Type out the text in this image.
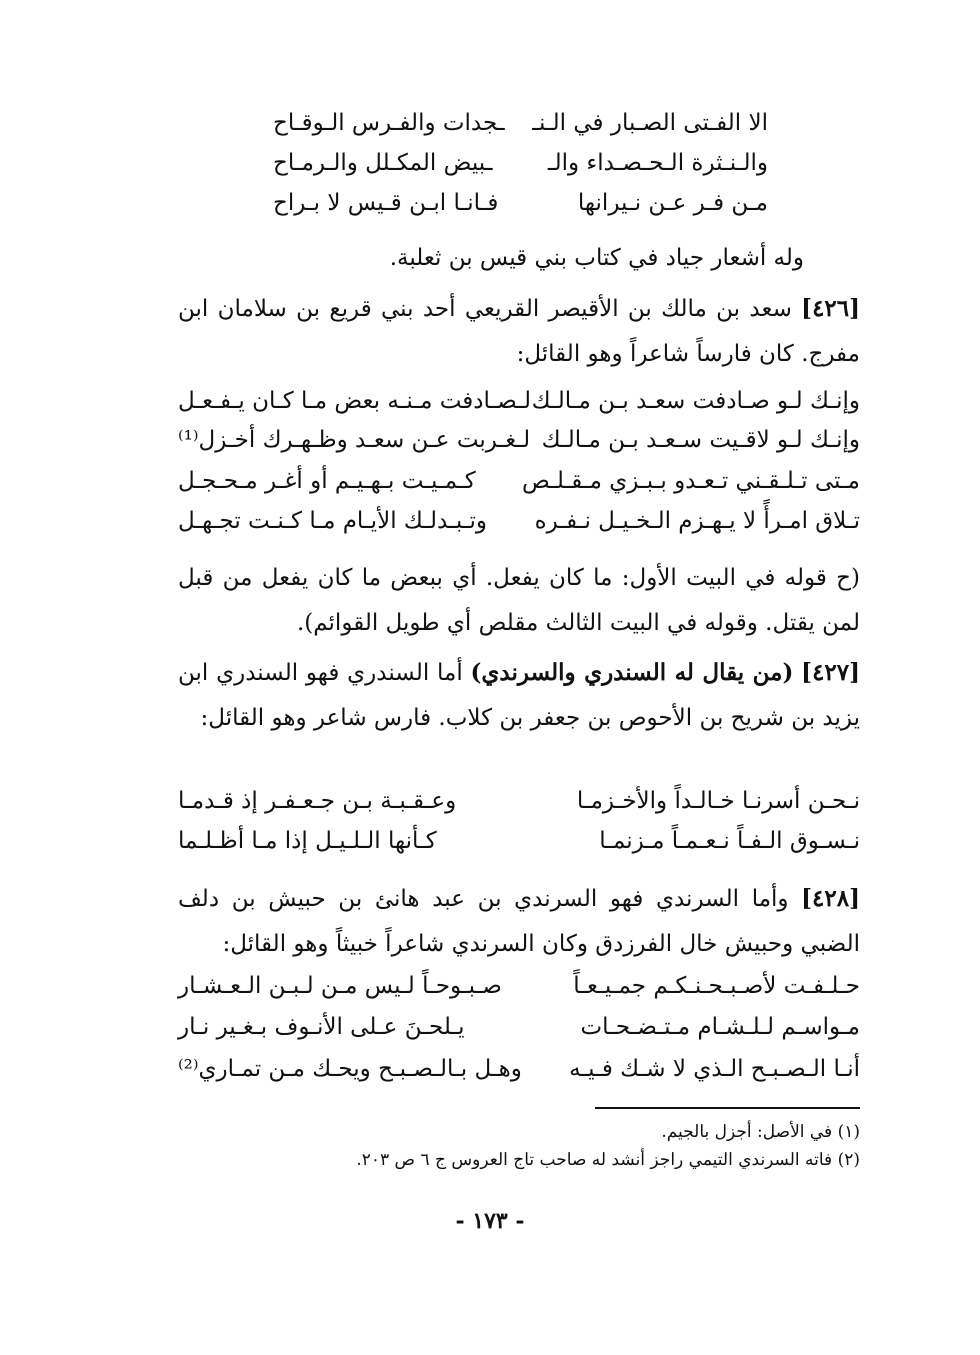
الا الفـتى الصـبار في الـنـ
ـجدات والفـرس الـوقـاح
والـنـثرة الـحـصـداء والـ
ـبيض المكـلل والـرمـاح
مـن فـر عـن نـيرانها
فـانـا ابـن قـيس لا بـراح
وله أشعار جياد في كتاب بني قيس بن ثعلبة.
[٤٢٦] سعد بن مالك بن الأقيصر القريعي أحد بني قريع بن سلامان ابن مفرج. كان فارساً شاعراً وهو القائل:
وإنـك لـو صـادفت سعـد بـن مـالـك
لـصـادفت مـنـه بعض مـا كـان يـفـعـل
وإنـك لـو لاقـيت سـعـد بـن مـالـك
لـغـربت عـن سعـد وظـهـرك أخـزل⁽¹⁾
مـتى تـلـقـني تـعـدو بـبـزي مـقـلـص
كـمـيـت بـهـيـم أو أغـر مـحـجـل
تـلاق امـرأً لا يـهـزم الـخـيـل نـفـره
وتـبـدلـك الأيـام مـا كـنـت تجـهـل
(ح قوله في البيت الأول: ما كان يفعل. أي ببعض ما كان يفعل من قبل لمن يقتل. وقوله في البيت الثالث مقلص أي طويل القوائم).
[٤٢٧] (من يقال له السندري والسرندي) أما السندري فهو السندري ابن يزيد بن شريح بن الأحوص بن جعفر بن كلاب. فارس شاعر وهو القائل:
نـحـن أسرنـا خـالـداً والأخـزمـا
وعـقـبـة بـن جـعـفـر إذ قـدمـا
نـسـوق الـفـاً نـعـمـاً مـزنمـا
كـأنها الـلـيـل إذا مـا أظـلـما
[٤٢٨] وأما السرندي فهو السرندي بن عبد هانئ بن حبيش بن دلف الضبي وحبيش خال الفرزدق وكان السرندي شاعراً خبيثاً وهو القائل:
حـلـفـت لأصـبـحـنـكـم جمـيـعـاً
صـبـوحـاً لـيس مـن لـبـن الـعـشـار
مـواسـم لـلـشـام مـتـضـحـات
يـلحـنَ عـلى الأنـوف بـغـير نـار
أنـا الـصـبـح الـذي لا شـك فـيـه
وهـل بـالـصـبـح ويحـك مـن تمـاري⁽²⁾
(١) في الأصل: أجزل بالجيم.
(٢) فاته السرندي التيمي راجز أنشد له صاحب تاج العروس ج ٦ ص ٢٠٣.
- ١٧٣ -
